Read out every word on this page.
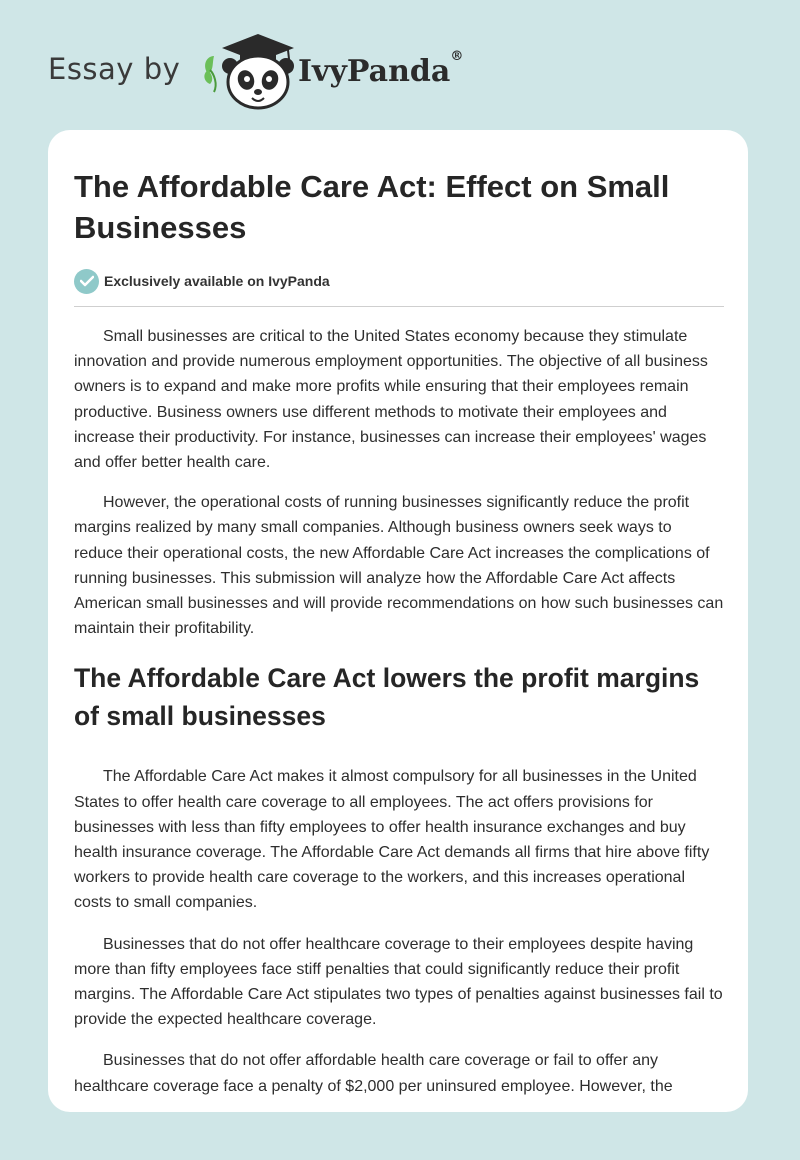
Essay by	IvyPanda®
The Affordable Care Act: Effect on Small Businesses
Exclusively available on IvyPanda

Small businesses are critical to the United States economy because they stimulate innovation and provide numerous employment opportunities. The objective of all business owners is to expand and make more profits while ensuring that their employees remain productive. Business owners use different methods to motivate their employees and increase their productivity. For instance, businesses can increase their employees' wages and offer better health care.

However, the operational costs of running businesses significantly reduce the profit margins realized by many small companies. Although business owners seek ways to reduce their operational costs, the new Affordable Care Act increases the complications of running businesses. This submission will analyze how the Affordable Care Act affects American small businesses and will provide recommendations on how such businesses can maintain their profitability.

The Affordable Care Act lowers the profit margins of small businesses

The Affordable Care Act makes it almost compulsory for all businesses in the United States to offer health care coverage to all employees. The act offers provisions for businesses with less than fifty employees to offer health insurance exchanges and buy health insurance coverage. The Affordable Care Act demands all firms that hire above fifty workers to provide health care coverage to the workers, and this increases operational costs to small companies.

Businesses that do not offer healthcare coverage to their employees despite having more than fifty employees face stiff penalties that could significantly reduce their profit margins. The Affordable Care Act stipulates two types of penalties against businesses fail to provide the expected healthcare coverage.

Businesses that do not offer affordable health care coverage or fail to offer any healthcare coverage face a penalty of $2,000 per uninsured employee. However, the
